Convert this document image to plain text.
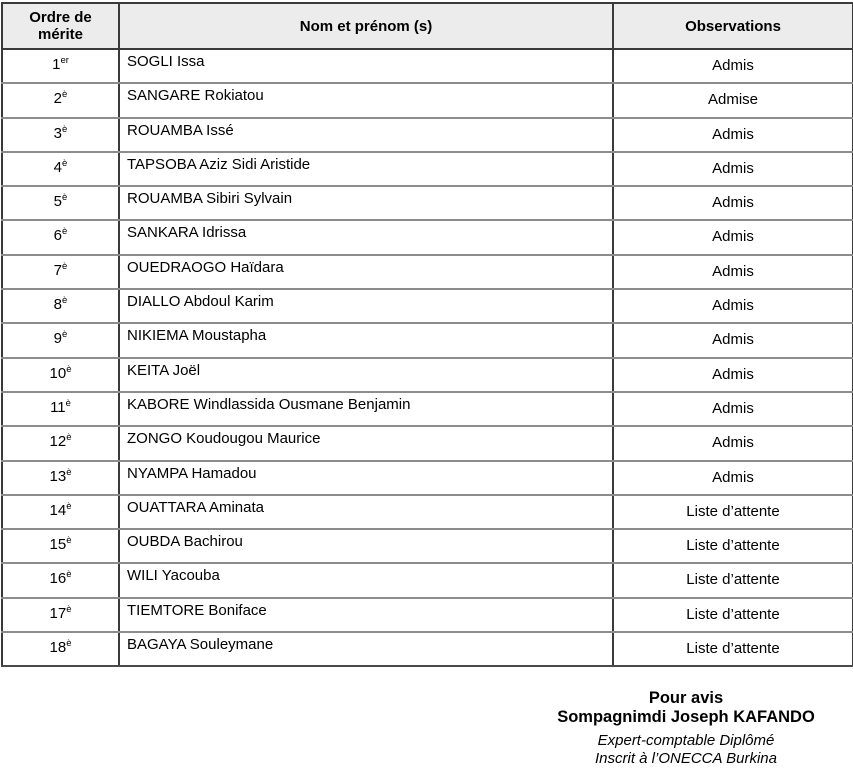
Ordre de mérite	Nom et prénom (s)	Observations
1er	SOGLI Issa	Admis
$2^è$	SANGARE Rokiatou	Admise
$3^è$	ROUAMBA Issé	Admis
$4^è$	TAPSOBA Aziz Sidi Aristide	Admis
$5^è$	ROUAMBA Sibiri Sylvain	Admis
$6^è$	SANKARA Idrissa	Admis
$7^è$	OUEDRAOGO Haïdara	Admis
$8^è$	DIALLO Abdoul Karim	Admis
$9^è$	NIKIEMA Moustapha	Admis
$10^è$	KEITA Joël	Admis
$11^è$	KABORE Windlassida Ousmane Benjamin	Admis
$12^è$	ZONGO Koudougou Maurice	Admis
$13^è$	NYAMPA Hamadou	Admis
$14^è$	OUATTARA Aminata	Liste d’attente
$15^è$	OUBDA Bachirou	Liste d’attente
$16^è$	WILI Yacouba	Liste d’attente
$17^è$	TIEMTORE Boniface	Liste d’attente
$18^è$	BAGAYA Souleymane	Liste d’attente
Pour avis
Sompagnimdi Joseph KAFANDO
Expert-comptable Diplômé
Inscrit à l’ONECCA Burkina
